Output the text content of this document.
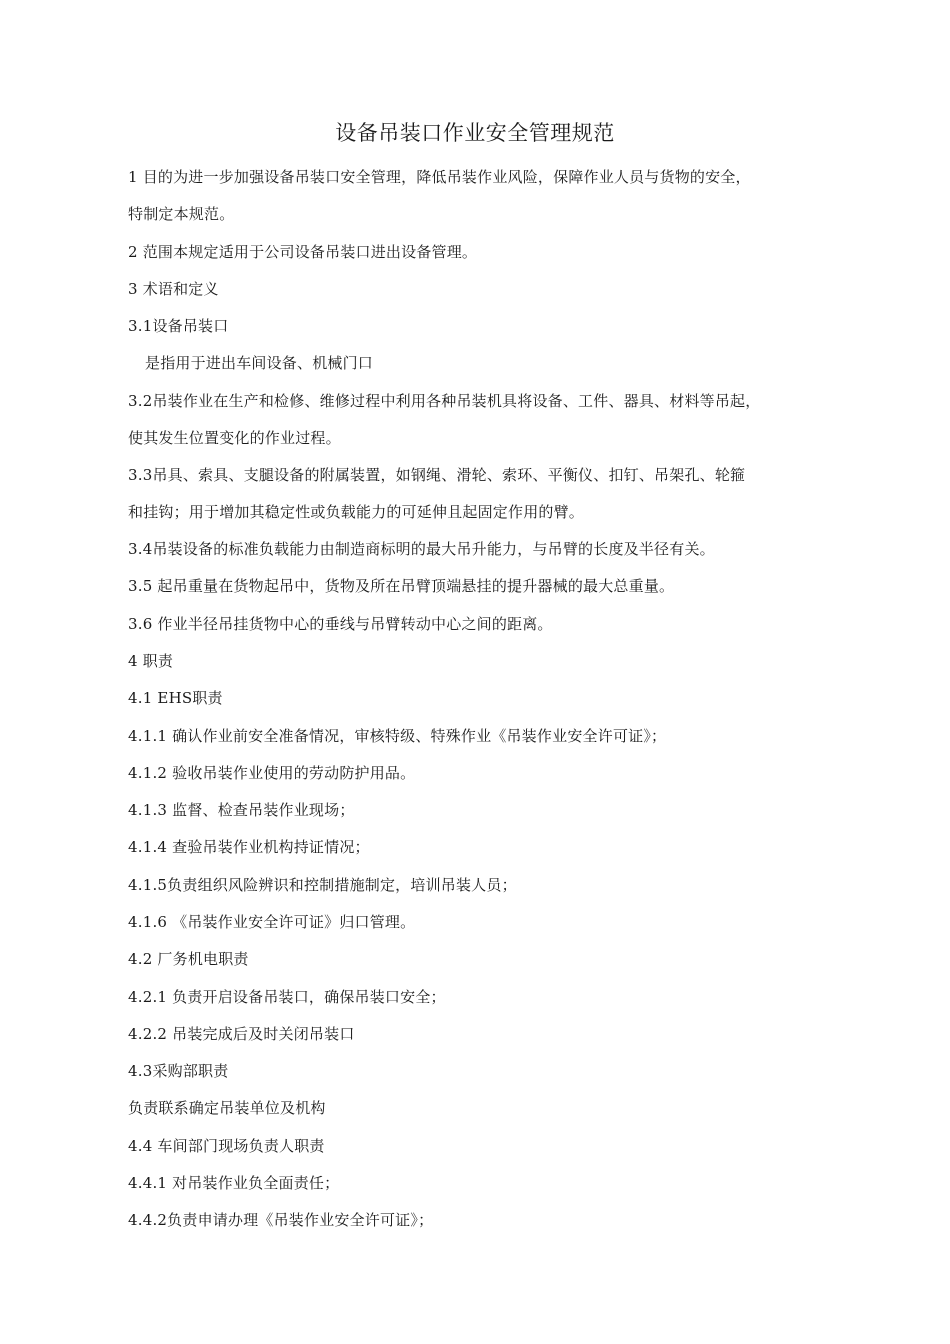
设备吊装口作业安全管理规范
1 目的为进一步加强设备吊装口安全管理，降低吊装作业风险，保障作业人员与货物的安全，
特制定本规范。
2 范围本规定适用于公司设备吊装口进出设备管理。
3 术语和定义
3.1设备吊装口
是指用于进出车间设备、机械门口
3.2吊装作业在生产和检修、维修过程中利用各种吊装机具将设备、工件、器具、材料等吊起，
使其发生位置变化的作业过程。
3.3吊具、索具、支腿设备的附属装置，如钢绳、滑轮、索环、平衡仪、扣钉、吊架孔、轮箍
和挂钩；用于增加其稳定性或负载能力的可延伸且起固定作用的臂。
3.4吊装设备的标准负载能力由制造商标明的最大吊升能力，与吊臂的长度及半径有关。
3.5 起吊重量在货物起吊中，货物及所在吊臂顶端悬挂的提升器械的最大总重量。
3.6 作业半径吊挂货物中心的垂线与吊臂转动中心之间的距离。
4 职责
4.1 EHS职责
4.1.1 确认作业前安全准备情况，审核特级、特殊作业《吊装作业安全许可证》；
4.1.2 验收吊装作业使用的劳动防护用品。
4.1.3 监督、检查吊装作业现场；
4.1.4 查验吊装作业机构持证情况；
4.1.5负责组织风险辨识和控制措施制定，培训吊装人员；
4.1.6 《吊装作业安全许可证》归口管理。
4.2 厂务机电职责
4.2.1 负责开启设备吊装口，确保吊装口安全；
4.2.2 吊装完成后及时关闭吊装口
4.3采购部职责
负责联系确定吊装单位及机构
4.4 车间部门现场负责人职责
4.4.1 对吊装作业负全面责任；
4.4.2负责申请办理《吊装作业安全许可证》；
